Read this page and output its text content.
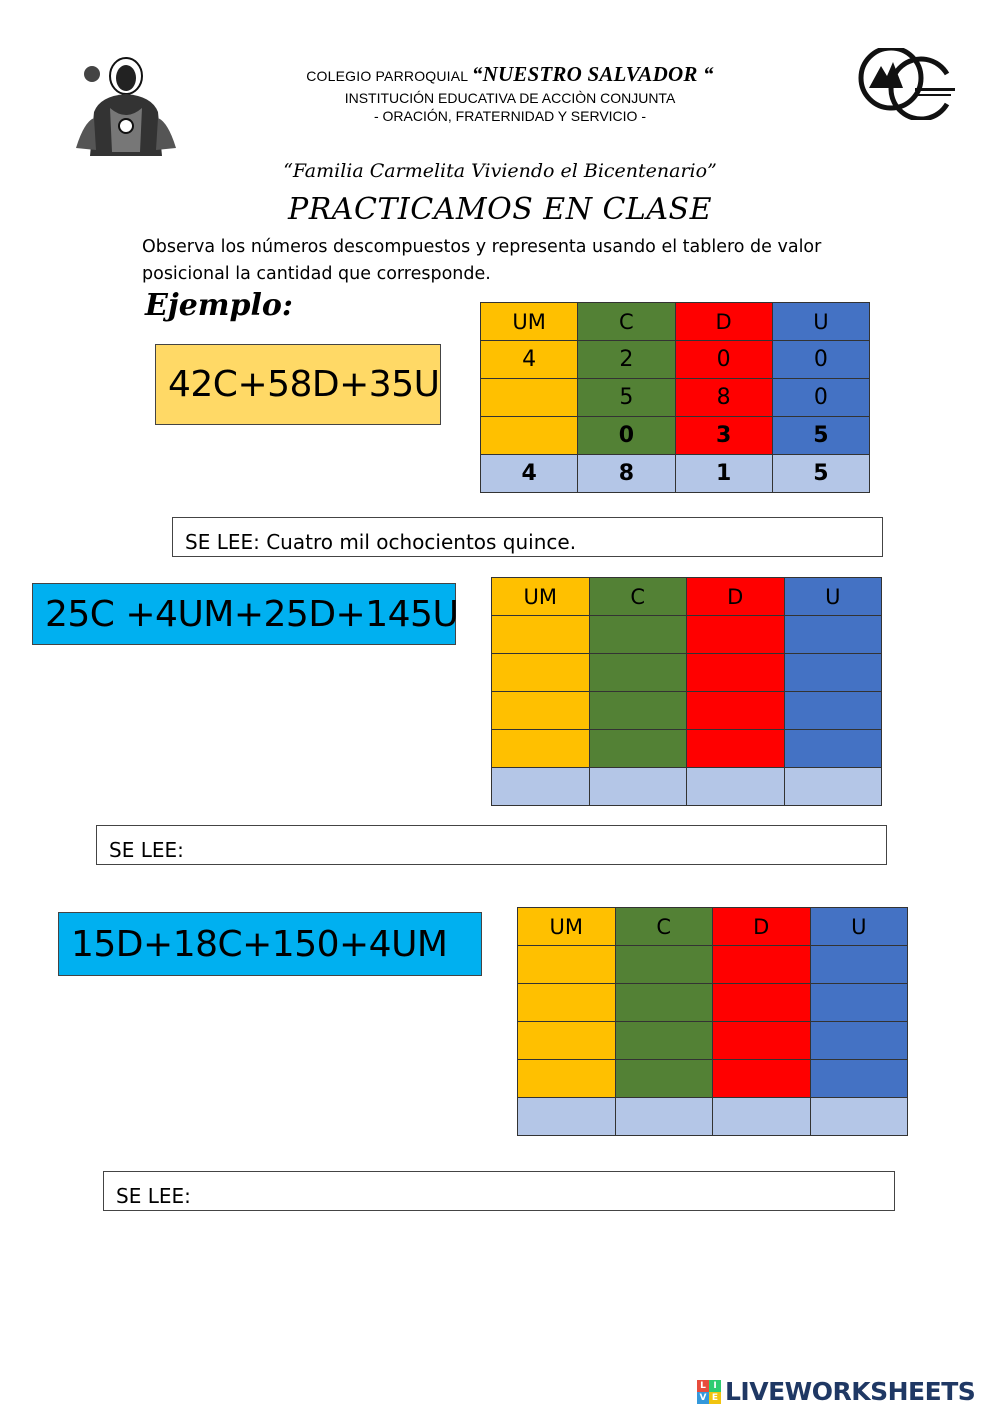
COLEGIO PARROQUIAL “NUESTRO SALVADOR “
INSTITUCIÓN EDUCATIVA DE ACCIÒN CONJUNTA
- ORACIÓN, FRATERNIDAD Y SERVICIO -
“Familia Carmelita Viviendo el Bicentenario”
PRACTICAMOS EN CLASE
Observa los números descompuestos y representa usando el tablero de valor posicional la cantidad que corresponde.
Ejemplo:
42C+58D+35U
UM	C	D	U
4	2	0	0
	5	8	0
	0	3	5
4	8	1	5
SE LEE: Cuatro mil ochocientos quince.
25C +4UM+25D+145U	UM	C	D	U

SE LEE:
15D+18C+150+4UM	UM	C	D	U

SE LEE:
L I
V E LIVEWORKSHEETS
